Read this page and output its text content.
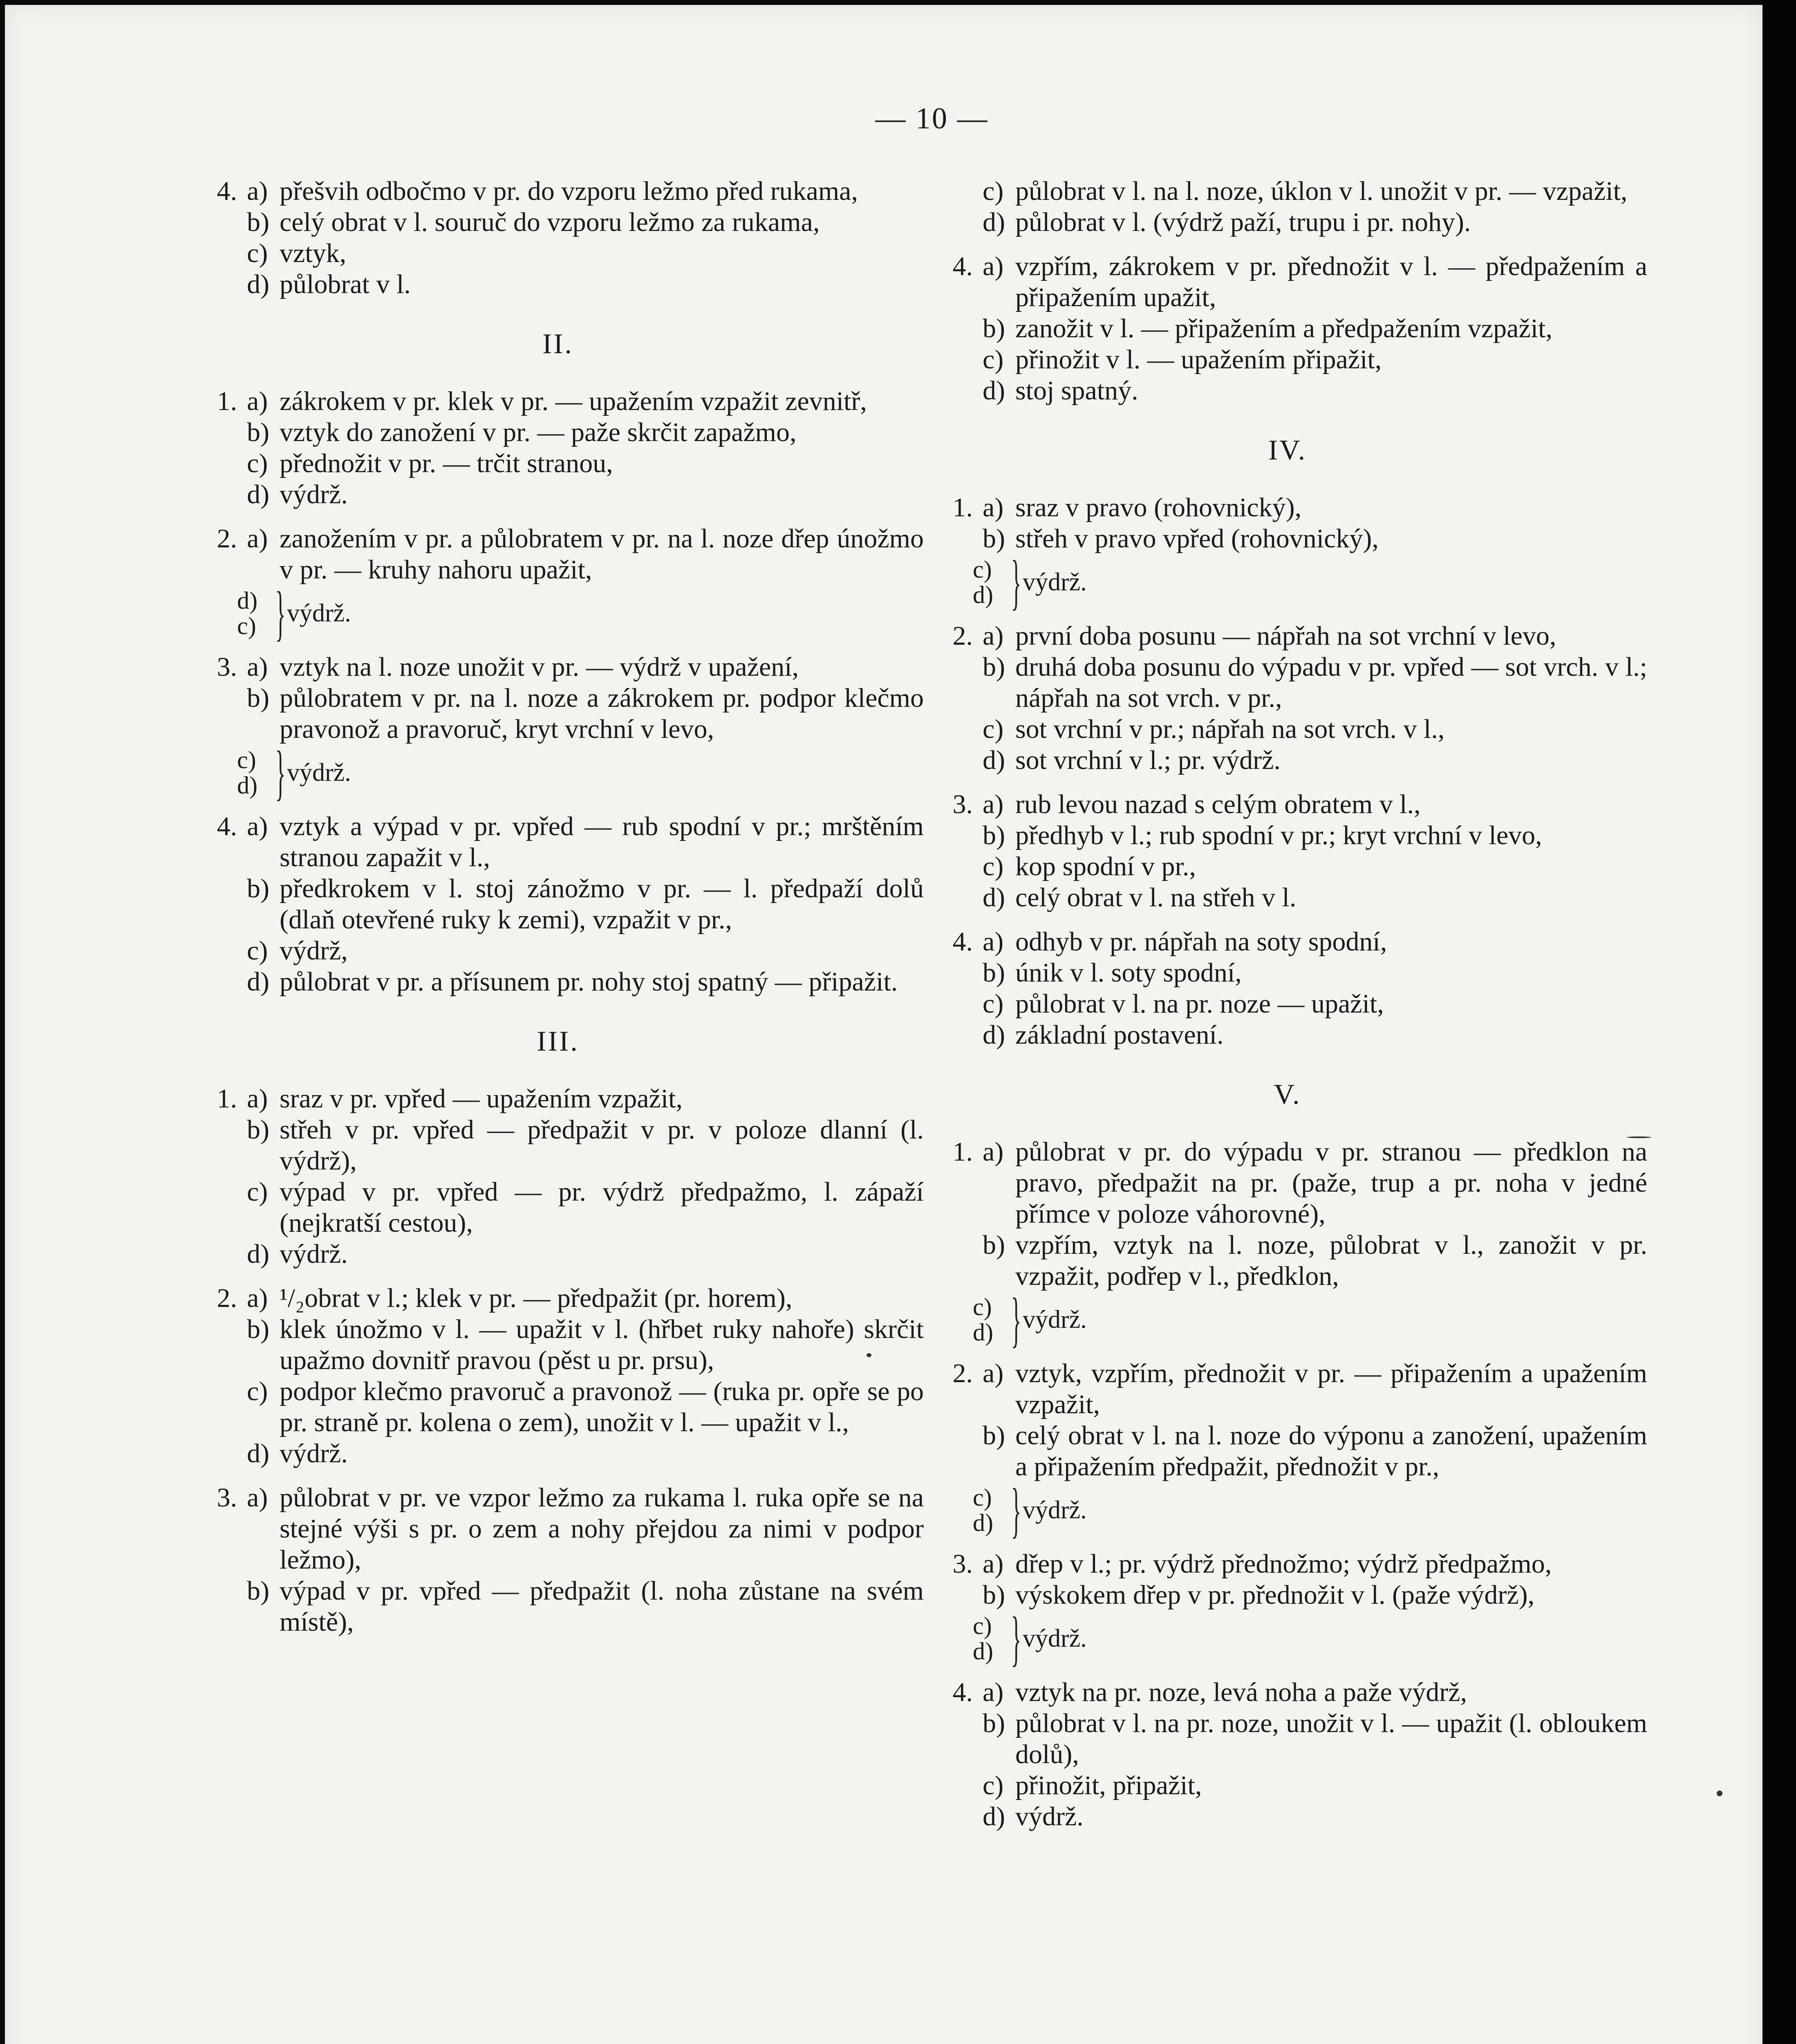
— 10 —
4. a) přešvih odbočmo v pr. do vzporu ležmo před rukama,
b) celý obrat v l. souruč do vzporu ležmo za rukama,
c) vztyk,
d) půlobrat v l.
II.
1. a) zákrokem v pr. klek v pr. — upažením vzpažit zevnitř,
b) vztyk do zanožení v pr. — paže skrčit zapažmo,
c) přednožit v pr. — trčit stranou,
d) výdrž.
2. a) zanožením v pr. a půlobratem v pr. na l. noze dřep únožmo v pr. — kruhy nahoru upažit,
d)
c) } výdrž.
3. a) vztyk na l. noze unožit v pr. — výdrž v upažení,
b) půlobratem v pr. na l. noze a zákrokem pr. podpor klečmo pravonož a pravoruč, kryt vrchní v levo,
c)
d) } výdrž.
4. a) vztyk a výpad v pr. vpřed — rub spodní v pr.; mrštěním stranou zapažit v l.,
b) předkrokem v l. stoj zánožmo v pr. — l. předpaží dolů (dlaň otevřené ruky k zemi), vzpažit v pr.,
c) výdrž,
d) půlobrat v pr. a přísunem pr. nohy stoj spatný — připažit.
III.
1. a) sraz v pr. vpřed — upažením vzpažit,
b) střeh v pr. vpřed — předpažit v pr. v poloze dlanní (l. výdrž),
c) výpad v pr. vpřed — pr. výdrž předpažmo, l. zápaží (nejkratší cestou),
d) výdrž.
2. a) ¹/₂obrat v l.; klek v pr. — předpažit (pr. horem),
b) klek únožmo v l. — upažit v l. (hřbet ruky nahoře) skrčit upažmo dovnitř pravou (pěst u pr. prsu),
c) podpor klečmo pravoruč a pravonož — (ruka pr. opře se po pr. straně pr. kolena o zem), unožit v l. — upažit v l.,
d) výdrž.
3. a) půlobrat v pr. ve vzpor ležmo za rukama l. ruka opře se na stejné výši s pr. o zem a nohy přejdou za nimi v podpor ležmo),
b) výpad v pr. vpřed — předpažit (l. noha zůstane na svém místě),
c) půlobrat v l. na l. noze, úklon v l. unožit v pr. — vzpažit,
d) půlobrat v l. (výdrž paží, trupu i pr. nohy).
4. a) vzpřím, zákrokem v pr. přednožit v l. — předpažením a připažením upažit,
b) zanožit v l. — připažením a předpažením vzpažit,
c) přinožit v l. — upažením připažit,
d) stoj spatný.
IV.
1. a) sraz v pravo (rohovnický),
b) střeh v pravo vpřed (rohovnický),
c)
d) } výdrž.
2. a) první doba posunu — nápřah na sot vrchní v levo,
b) druhá doba posunu do výpadu v pr. vpřed — sot vrch. v l.; nápřah na sot vrch. v pr.,
c) sot vrchní v pr.; nápřah na sot vrch. v l.,
d) sot vrchní v l.; pr. výdrž.
3. a) rub levou nazad s celým obratem v l.,
b) předhyb v l.; rub spodní v pr.; kryt vrchní v levo,
c) kop spodní v pr.,
d) celý obrat v l. na střeh v l.
4. a) odhyb v pr. nápřah na soty spodní,
b) únik v l. soty spodní,
c) půlobrat v l. na pr. noze — upažit,
d) základní postavení.
V.
1. a) půlobrat v pr. do výpadu v pr. stranou — předklon na pravo, předpažit na pr. (paže, trup a pr. noha v jedné přímce v poloze váhorovné),
b) vzpřím, vztyk na l. noze, půlobrat v l., zanožit v pr. vzpažit, podřep v l., předklon,
c)
d) } výdrž.
2. a) vztyk, vzpřím, přednožit v pr. — připažením a upažením vzpažit,
b) celý obrat v l. na l. noze do výponu a zanožení, upažením a připažením předpažit, přednožit v pr.,
c)
d) } výdrž.
3. a) dřep v l.; pr. výdrž přednožmo; výdrž předpažmo,
b) výskokem dřep v pr. přednožit v l. (paže výdrž),
c)
d) } výdrž.
4. a) vztyk na pr. noze, levá noha a paže výdrž,
b) půlobrat v l. na pr. noze, unožit v l. — upažit (l. obloukem dolů),
c) přinožit, připažit,
d) výdrž.
